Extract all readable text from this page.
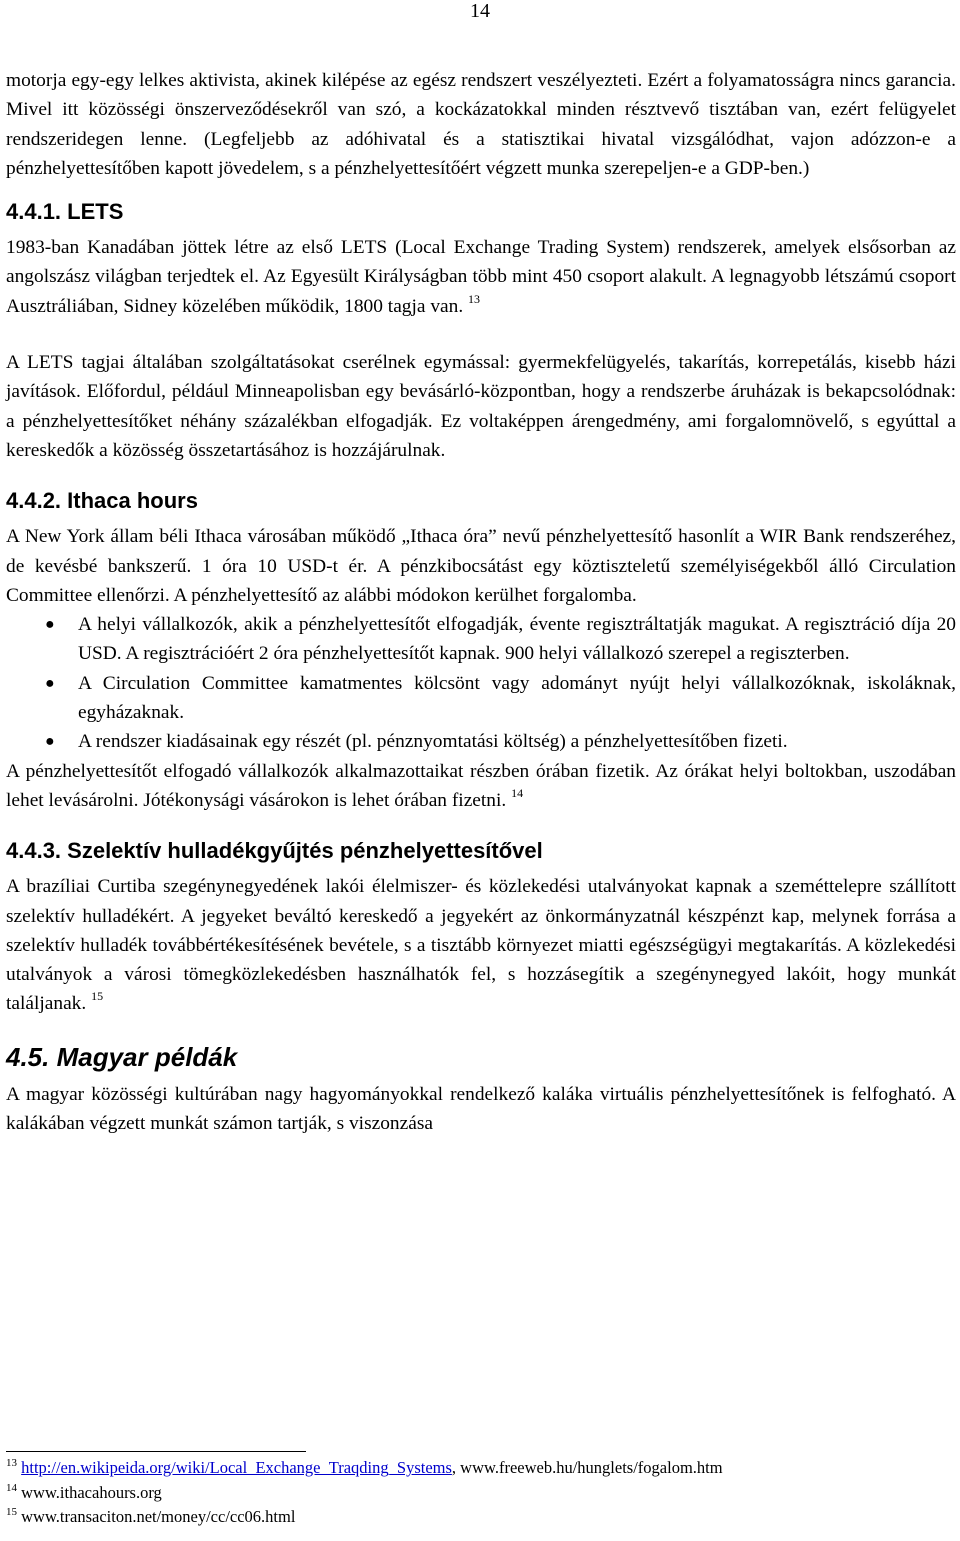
14

motorja egy-egy lelkes aktivista, akinek kilépése az egész rendszert veszélyezteti. Ezért a folyamatosságra nincs garancia. Mivel itt közösségi önszerveződésekről van szó, a kockázatokkal minden résztvevő tisztában van, ezért felügyelet rendszeridegen lenne. (Legfeljebb az adóhivatal és a statisztikai hivatal vizsgálódhat, vajon adózzon-e a pénzhelyettesítőben kapott jövedelem, s a pénzhelyettesítőért végzett munka szerepeljen-e a GDP-ben.)

4.4.1. LETS

1983-ban Kanadában jöttek létre az első LETS (Local Exchange Trading System) rendszerek, amelyek elsősorban az angolszász világban terjedtek el. Az Egyesült Királyságban több mint 450 csoport alakult. A legnagyobb létszámú csoport Ausztráliában, Sidney közelében működik, 1800 tagja van. $^{13}$

A LETS tagjai általában szolgáltatásokat cserélnek egymással: gyermekfelügyelés, takarítás, korrepetálás, kisebb házi javítások. Előfordul, például Minneapolisban egy bevásárló-központban, hogy a rendszerbe áruházak is bekapcsolódnak: a pénzhelyettesítőket néhány százalékban elfogadják. Ez voltaképpen árengedmény, ami forgalomnövelő, s egyúttal a kereskedők a közösség összetartásához is hozzájárulnak.

4.4.2. Ithaca hours

A New York állam béli Ithaca városában működő „Ithaca óra” nevű pénzhelyettesítő hasonlít a WIR Bank rendszeréhez, de kevésbé bankszerű. 1 óra 10 USD-t ér. A pénzkibocsátást egy köztiszteletű személyiségekből álló Circulation Committee ellenőrzi. A pénzhelyettesítő az alábbi módokon kerülhet forgalomba.

● A helyi vállalkozók, akik a pénzhelyettesítőt elfogadják, évente regisztráltatják magukat. A regisztráció díja 20 USD. A regisztrációért 2 óra pénzhelyettesítőt kapnak. 900 helyi vállalkozó szerepel a regiszterben.
● A Circulation Committee kamatmentes kölcsönt vagy adományt nyújt helyi vállalkozóknak, iskoláknak, egyházaknak.
● A rendszer kiadásainak egy részét (pl. pénznyomtatási költség) a pénzhelyettesítőben fizeti.

A pénzhelyettesítőt elfogadó vállalkozók alkalmazottaikat részben órában fizetik. Az órákat helyi boltokban, uszodában lehet levásárolni. Jótékonysági vásárokon is lehet órában fizetni. $^{14}$

4.4.3. Szelektív hulladékgyűjtés pénzhelyettesítővel

A brazíliai Curtiba szegénynegyedének lakói élelmiszer- és közlekedési utalványokat kapnak a szeméttelepre szállított szelektív hulladékért. A jegyeket beváltó kereskedő a jegyekért az önkormányzatnál készpénzt kap, melynek forrása a szelektív hulladék továbbértékesítésének bevétele, s a tisztább környezet miatti egészségügyi megtakarítás. A közlekedési utalványok a városi tömegközlekedésben használhatók fel, s hozzásegítik a szegénynegyed lakóit, hogy munkát találjanak. $^{15}$

4.5. Magyar példák

A magyar közösségi kultúrában nagy hagyományokkal rendelkező kaláka virtuális pénzhelyettesítőnek is felfogható. A kalákában végzett munkát számon tartják, s viszonzása

$^{13}$ http://en.wikipeida.org/wiki/Local_Exchange_Traqding_Systems, www.freeweb.hu/hunglets/fogalom.htm

$^{14}$ www.ithacahours.org

$^{15}$ www.transaciton.net/money/cc/cc06.html
